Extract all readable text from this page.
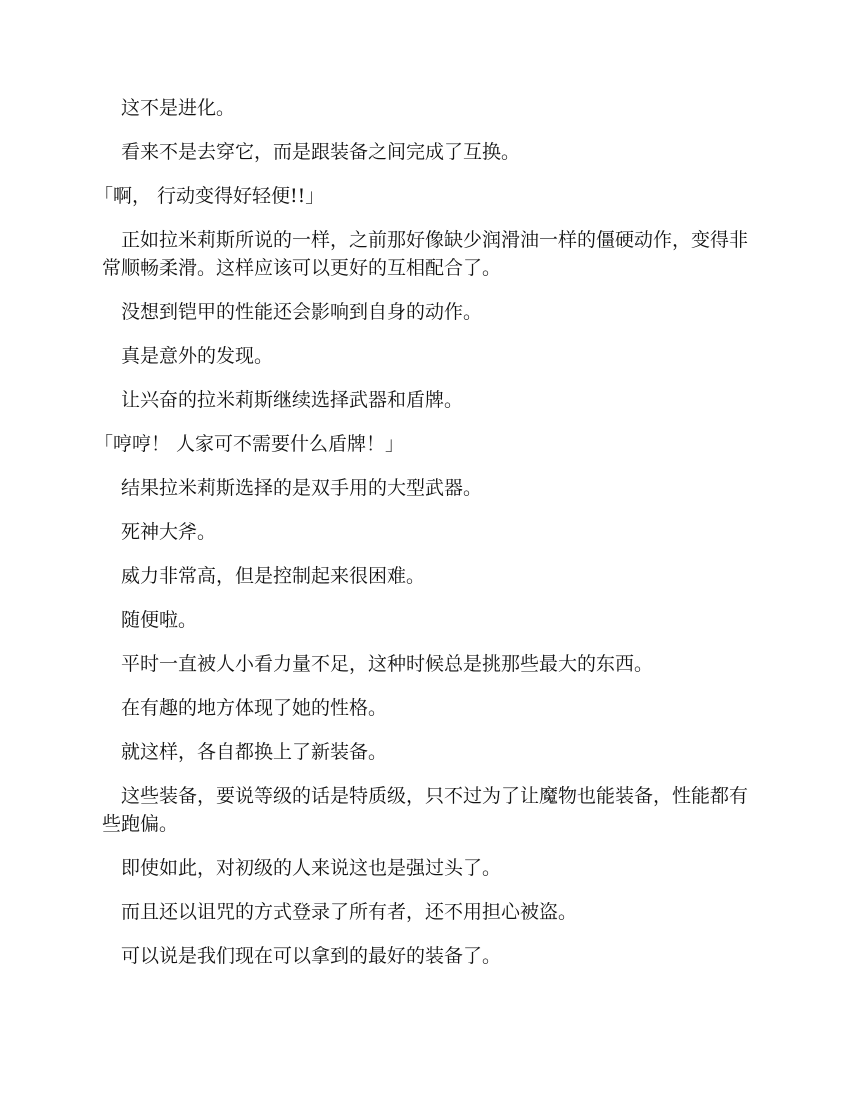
这不是进化。

看来不是去穿它，而是跟装备之间完成了互换。

「啊， 行动变得好轻便!!」

正如拉米莉斯所说的一样，之前那好像缺少润滑油一样的僵硬动作，变得非常顺畅柔滑。这样应该可以更好的互相配合了。

没想到铠甲的性能还会影响到自身的动作。

真是意外的发现。

让兴奋的拉米莉斯继续选择武器和盾牌。

「哼哼！ 人家可不需要什么盾牌！」

结果拉米莉斯选择的是双手用的大型武器。

死神大斧。

威力非常高，但是控制起来很困难。

随便啦。

平时一直被人小看力量不足，这种时候总是挑那些最大的东西。

在有趣的地方体现了她的性格。

就这样，各自都换上了新装备。

这些装备，要说等级的话是特质级，只不过为了让魔物也能装备，性能都有些跑偏。

即使如此，对初级的人来说这也是强过头了。

而且还以诅咒的方式登录了所有者，还不用担心被盗。

可以说是我们现在可以拿到的最好的装备了。
